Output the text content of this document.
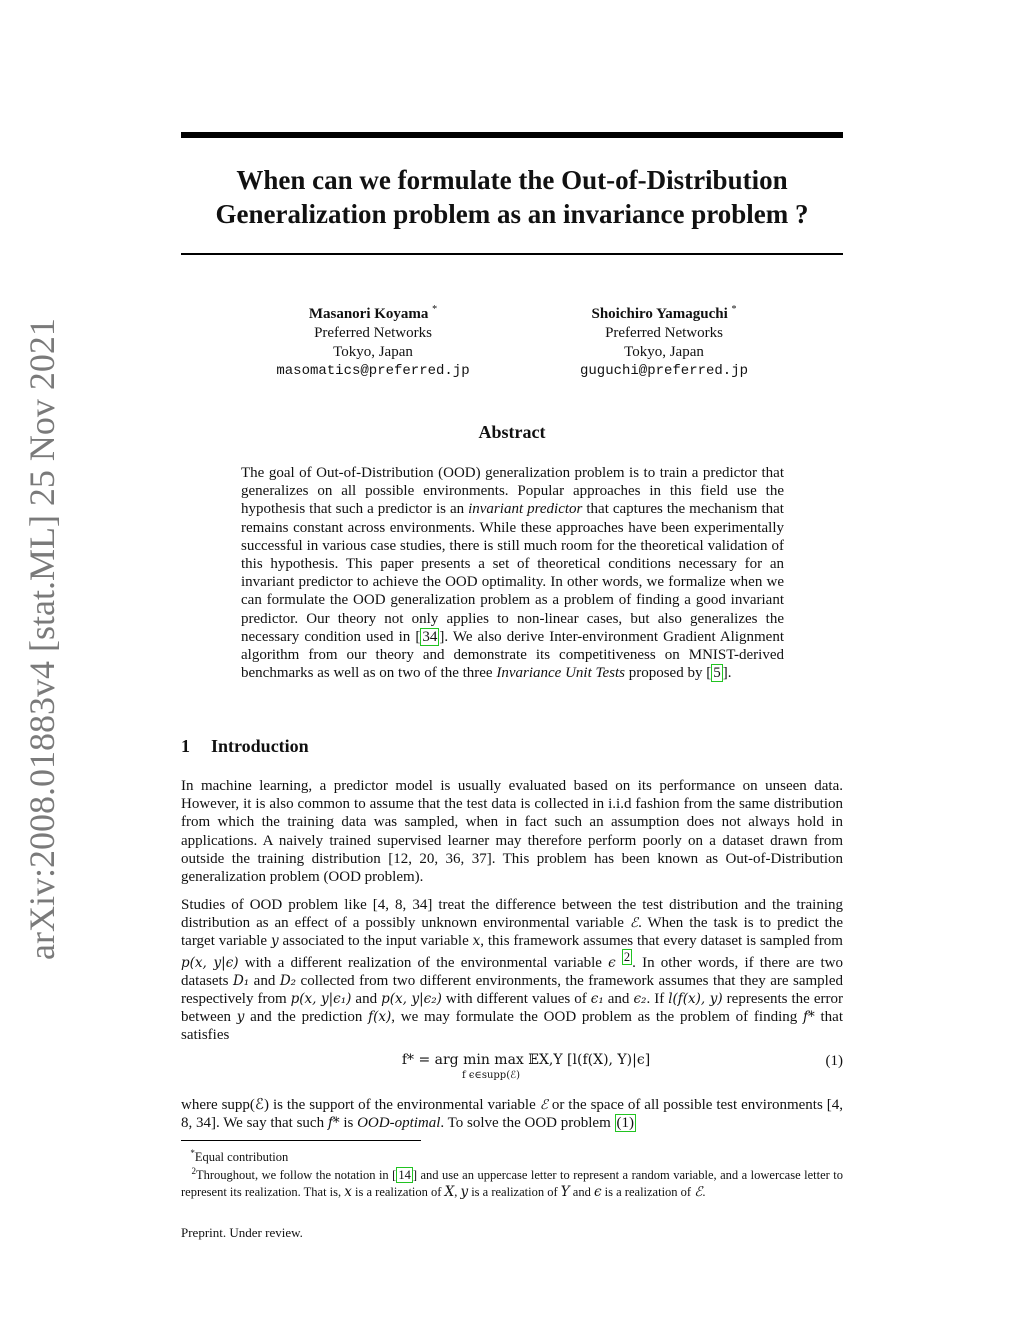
arXiv:2008.01883v4 [stat.ML] 25 Nov 2021
When can we formulate the Out-of-Distribution
Generalization problem as an invariance problem ?
Masanori Koyama *
Preferred Networks
Tokyo, Japan
masomatics@preferred.jp
Shoichiro Yamaguchi *
Preferred Networks
Tokyo, Japan
guguchi@preferred.jp
Abstract

The goal of Out-of-Distribution (OOD) generalization problem is to train a predictor that generalizes on all possible environments. Popular approaches in this field use the hypothesis that such a predictor is an invariant predictor that captures the mechanism that remains constant across environments. While these approaches have been experimentally successful in various case studies, there is still much room for the theoretical validation of this hypothesis. This paper presents a set of theoretical conditions necessary for an invariant predictor to achieve the OOD optimality. In other words, we formalize when we can formulate the OOD generalization problem as a problem of finding a good invariant predictor. Our theory not only applies to non-linear cases, but also generalizes the necessary condition used in [ 34 ]. We also derive Inter-environment Gradient Alignment algorithm from our theory and demonstrate its competitiveness on MNIST-derived benchmarks as well as on two of the three Invariance Unit Tests proposed by [ 5 ].

1 Introduction

In machine learning, a predictor model is usually evaluated based on its performance on unseen data. However, it is also common to assume that the test data is collected in i.i.d fashion from the same distribution from which the training data was sampled, when in fact such an assumption does not always hold in applications. A naively trained supervised learner may therefore perform poorly on a dataset drawn from outside the training distribution [12, 20, 36, 37]. This problem has been known as Out-of-Distribution generalization problem (OOD problem).

Studies of OOD problem like [4, 8, 34] treat the difference between the test distribution and the training distribution as an effect of a possibly unknown environmental variable ℰ. When the task is to predict the target variable y associated to the input variable x, this framework assumes that every dataset is sampled from p(x, y|ϵ) with a different realization of the environmental variable ϵ $^2$ . In other words, if there are two datasets D₁ and D₂ collected from two different environments, the framework assumes that they are sampled respectively from p(x, y|ϵ₁) and p(x, y|ϵ₂) with different values of ϵ₁ and ϵ₂. If l(f(x), y) represents the error between y and the prediction f(x), we may formulate the OOD problem as the problem of finding f* that satisfies

f* = arg min max 𝔼X,Y [l(f(X), Y)|ϵ]
f ϵ∈supp(ℰ)
(1)

where supp(ℰ) is the support of the environmental variable ℰ or the space of all possible test environments [4, 8, 34]. We say that such f* is OOD-optimal. To solve the OOD problem (1)

*Equal contribution

$^2$Throughout, we follow the notation in [ 14 ] and use an uppercase letter to represent a random variable, and a lowercase letter to represent its realization. That is, x is a realization of X, y is a realization of Y and ϵ is a realization of ℰ.

Preprint. Under review.
